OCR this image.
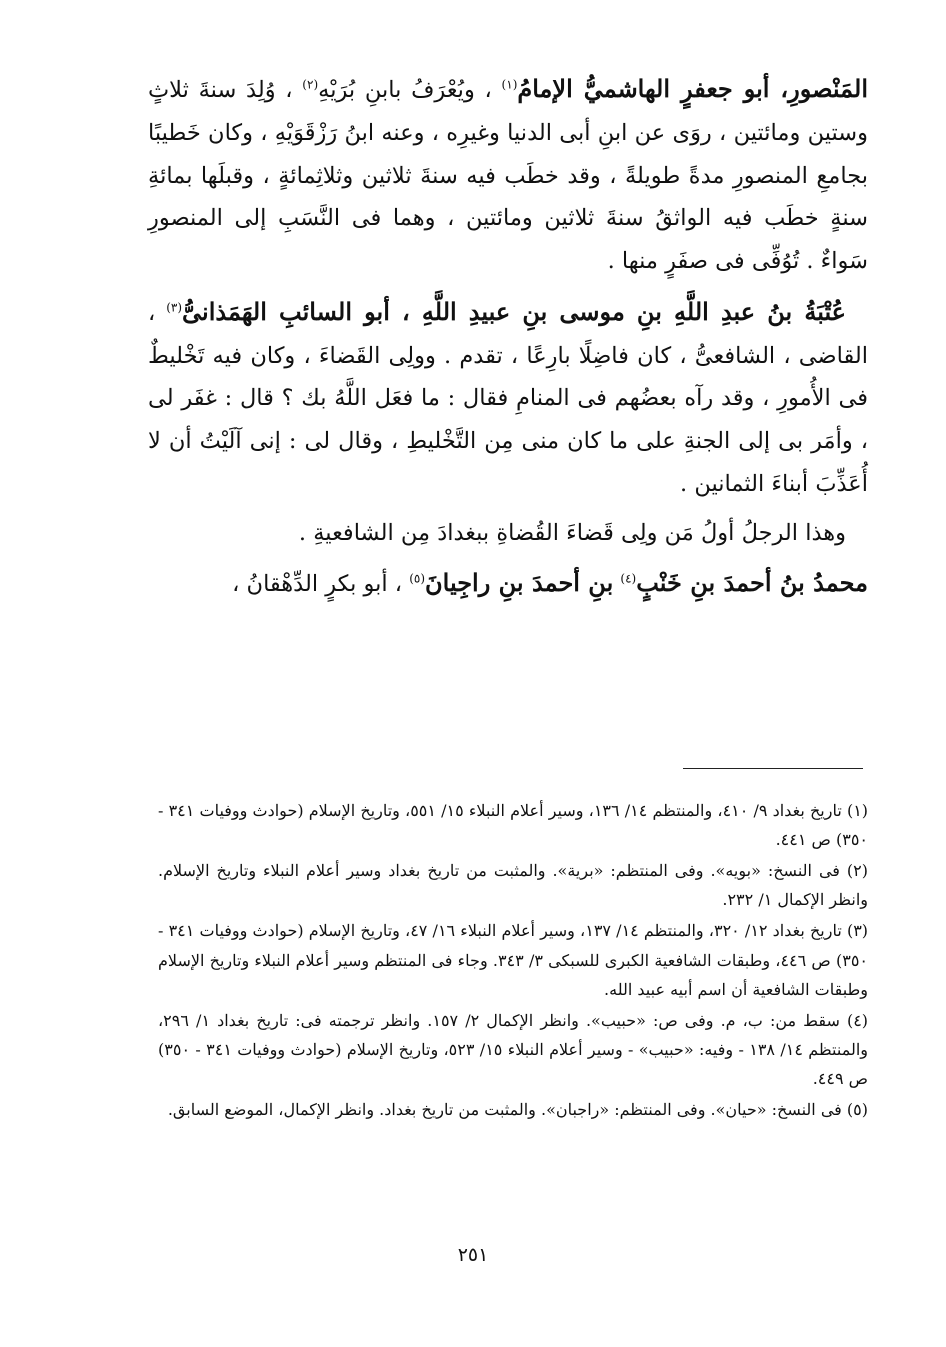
المَنْصورِ، أبو جعفرٍ الهاشميُّ الإمامُ$^{(١)}$ ، ويُعْرَفُ بابنِ بُرَيْهِ$^{(٢)}$ ، وُلِدَ سنةَ ثلاثٍ وستين ومائتين ، روَى عن ابنِ أبى الدنيا وغيرِه ، وعنه ابنُ رَزْقَوَيْهِ ، وكان خَطيبًا بجامعِ المنصورِ مدةً طويلةً ، وقد خطَب فيه سنةَ ثلاثين وثلاثِمائةٍ ، وقبلَها بمائةِ سنةٍ خطَب فيه الواثقُ سنةَ ثلاثين ومائتين ، وهما فى النَّسَبِ إلى المنصورِ سَواءٌ . تُوُفِّى فى صفَرٍ منها .

عُتْبَةُ بنُ عبدِ اللَّهِ بنِ موسى بنِ عبيدِ اللَّهِ ، أبو السائبِ الهَمَذانىُّ$^{(٣)}$ ، القاضى ، الشافعىُّ ، كان فاضِلًا بارِعًا ، تقدم . وولِى القَضاءَ ، وكان فيه تَخْليطٌ فى الأُمورِ ، وقد رآه بعضُهم فى المنامِ فقال : ما فعَل اللَّهُ بك ؟ قال : غفَر لى ، وأمَر بى إلى الجنةِ على ما كان منى مِن التَّخْليطِ ، وقال لى : إنى آلَيْتُ أن لا أُعَذِّبَ أبناءَ الثمانين .

وهذا الرجلُ أولُ مَن ولِى قَضاءَ القُضاةِ ببغدادَ مِن الشافعيةِ .

محمدُ بنُ أحمدَ بنِ خَنْبٍ$^{(٤)}$ بنِ أحمدَ بنِ راجِيانَ$^{(٥)}$ ، أبو بكرٍ الدِّهْقانُ ،

(١) تاريخ بغداد ٩/ ٤١٠، والمنتظم ١٤/ ١٣٦، وسير أعلام النبلاء ١٥/ ٥٥١، وتاريخ الإسلام (حوادث ووفيات ٣٤١ - ٣٥٠) ص ٤٤١.

(٢) فى النسخ: «بويه». وفى المنتظم: «برية». والمثبت من تاريخ بغداد وسير أعلام النبلاء وتاريخ الإسلام. وانظر الإكمال ١/ ٢٣٢.

(٣) تاريخ بغداد ١٢/ ٣٢٠، والمنتظم ١٤/ ١٣٧، وسير أعلام النبلاء ١٦/ ٤٧، وتاريخ الإسلام (حوادث ووفيات ٣٤١ - ٣٥٠) ص ٤٤٦، وطبقات الشافعية الكبرى للسبكى ٣/ ٣٤٣. وجاء فى المنتظم وسير أعلام النبلاء وتاريخ الإسلام وطبقات الشافعية أن اسم أبيه عبيد الله.

(٤) سقط من: ب، م. وفى ص: «حبيب». وانظر الإكمال ٢/ ١٥٧. وانظر ترجمته فى: تاريخ بغداد ١/ ٢٩٦، والمنتظم ١٤/ ١٣٨ - وفيه: «حبيب» - وسير أعلام النبلاء ١٥/ ٥٢٣، وتاريخ الإسلام (حوادث ووفيات ٣٤١ - ٣٥٠) ص ٤٤٩.

(٥) فى النسخ: «حيان». وفى المنتظم: «راجبان». والمثبت من تاريخ بغداد. وانظر الإكمال، الموضع السابق.

٢٥١
